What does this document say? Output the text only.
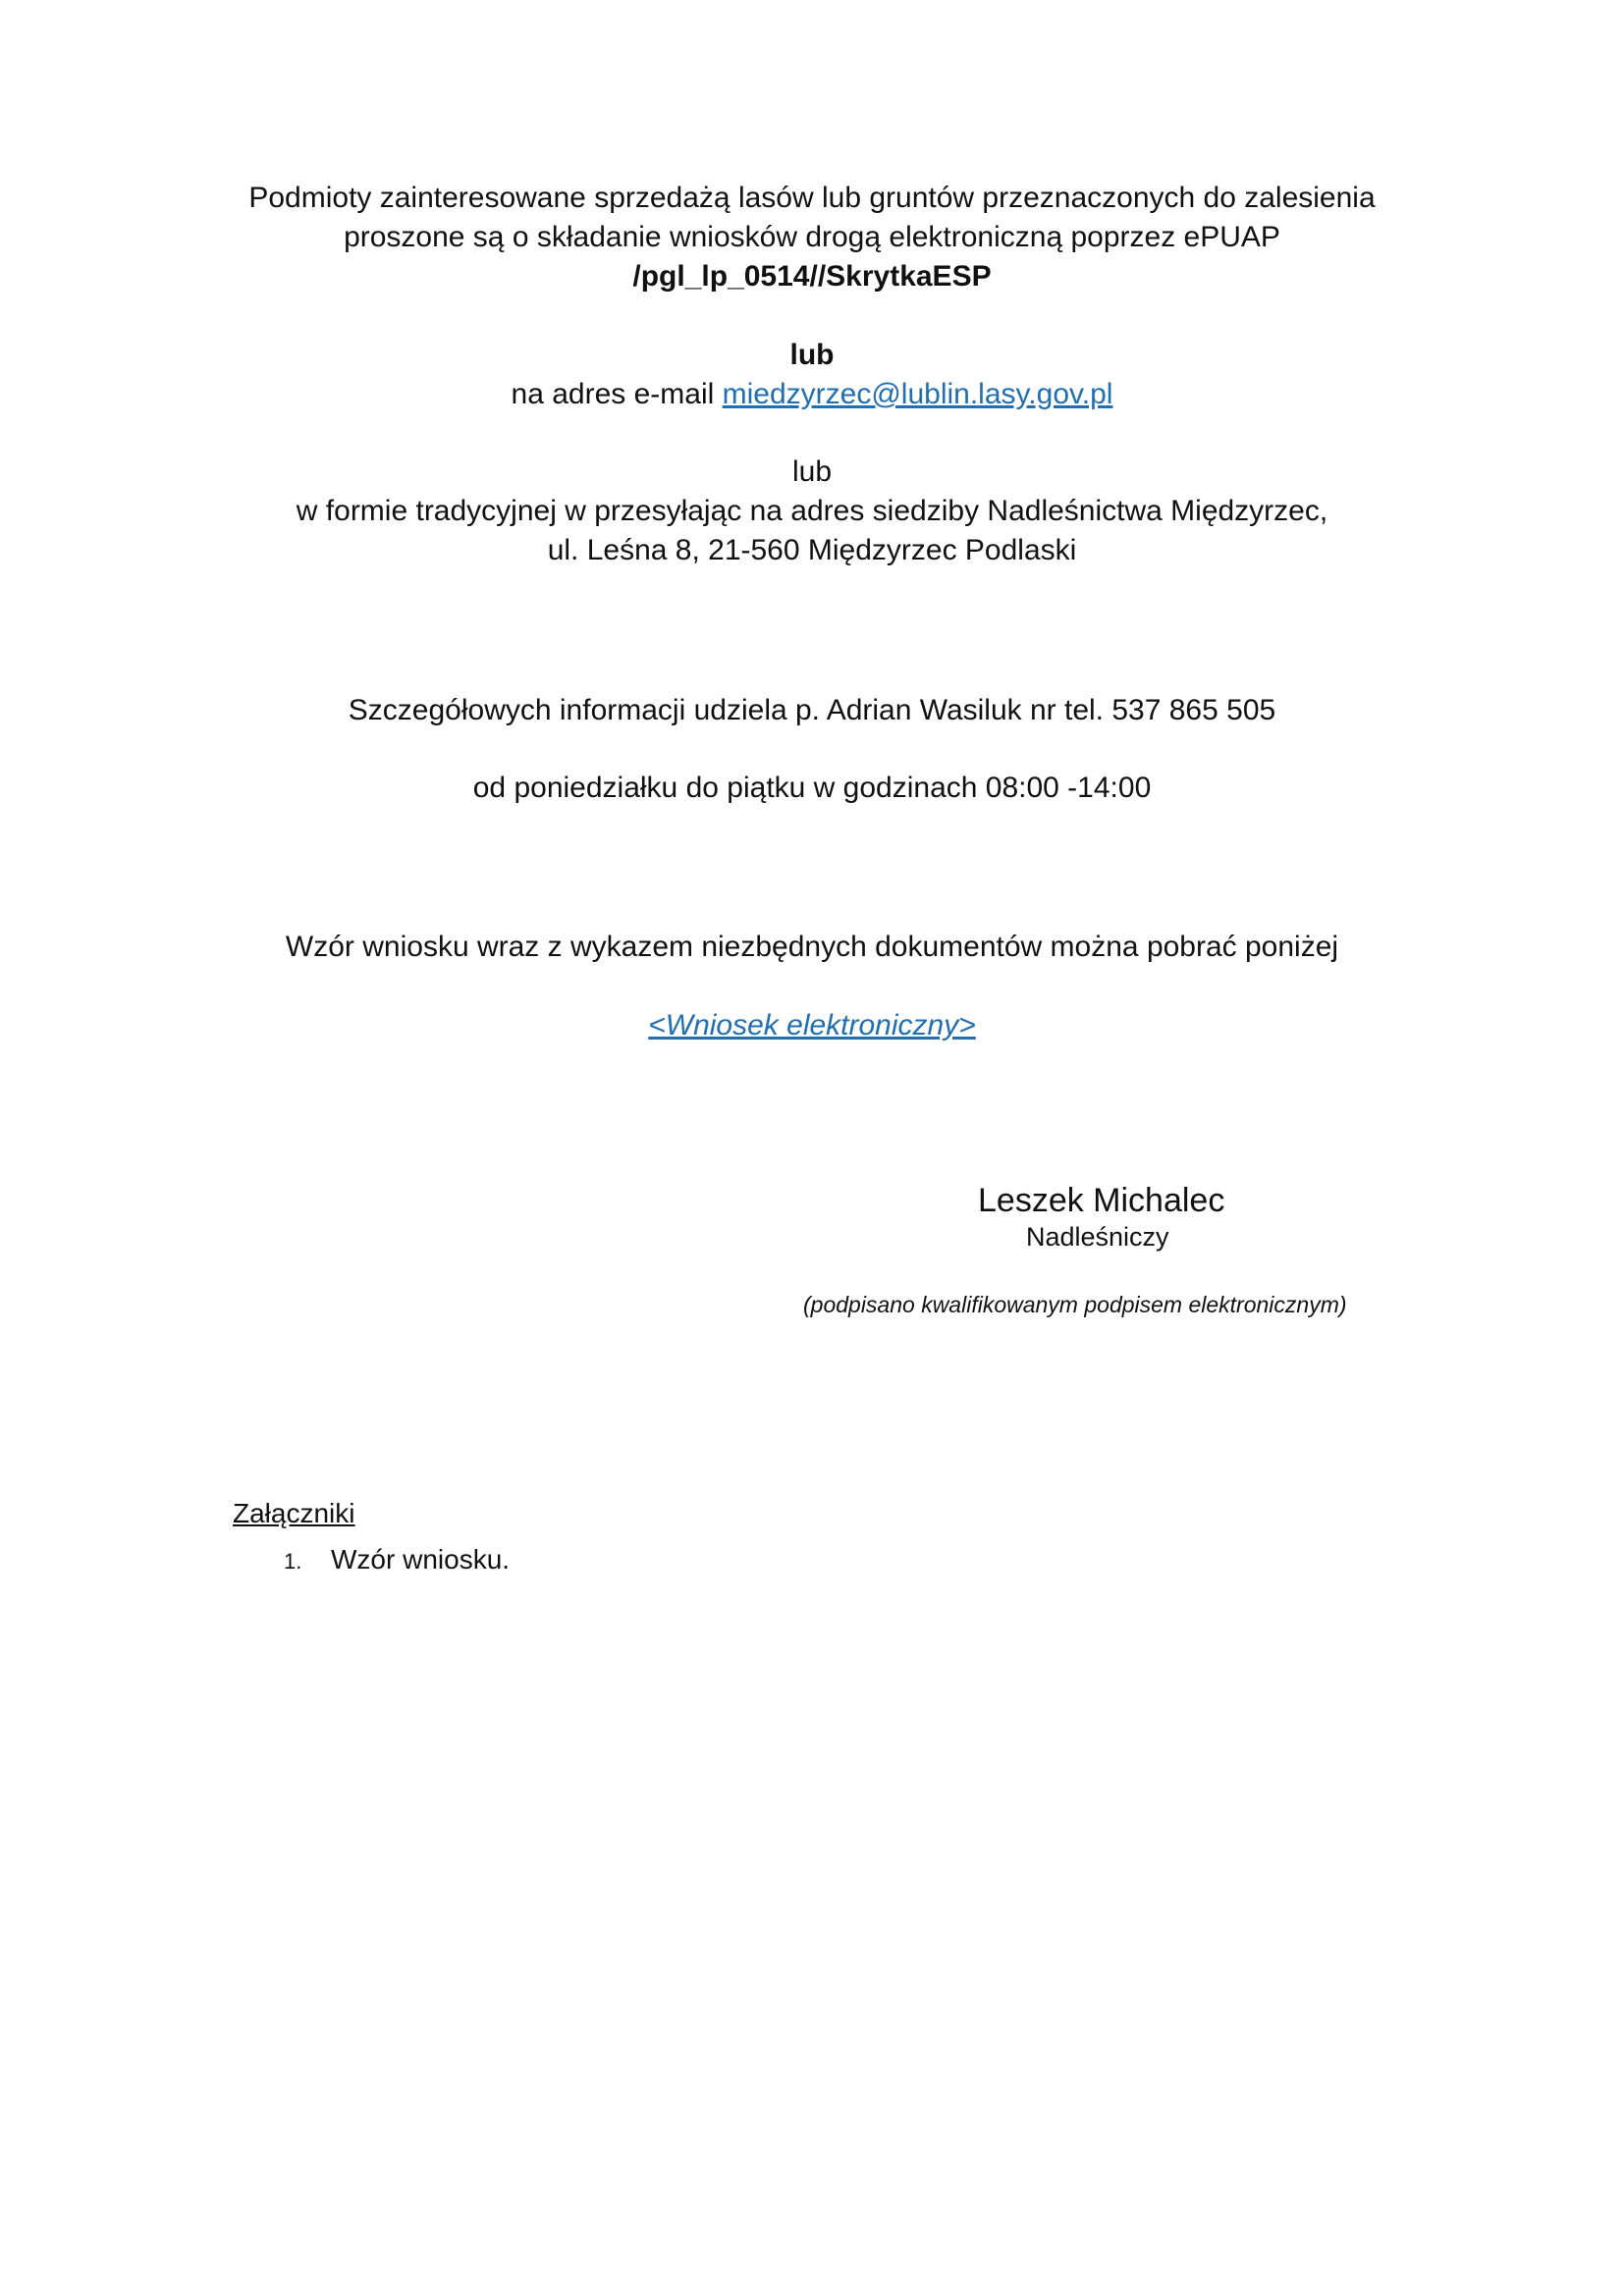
Podmioty zainteresowane sprzedażą lasów lub gruntów przeznaczonych do zalesienia
proszone są o składanie wniosków drogą elektroniczną poprzez ePUAP
/pgl_lp_0514//SkrytkaESP
lub
na adres e-mail miedzyrzec@lublin.lasy.gov.pl
lub
w formie tradycyjnej w przesyłając na adres siedziby Nadleśnictwa Międzyrzec,
ul. Leśna 8, 21-560 Międzyrzec Podlaski
Szczegółowych informacji udziela p. Adrian Wasiluk nr tel. 537 865 505
od poniedziałku do piątku w godzinach 08:00 -14:00
Wzór wniosku wraz z wykazem niezbędnych dokumentów można pobrać poniżej
<Wniosek elektroniczny>
Leszek Michalec
Nadleśniczy
(podpisano kwalifikowanym podpisem elektronicznym)
Załączniki
1. Wzór wniosku.
